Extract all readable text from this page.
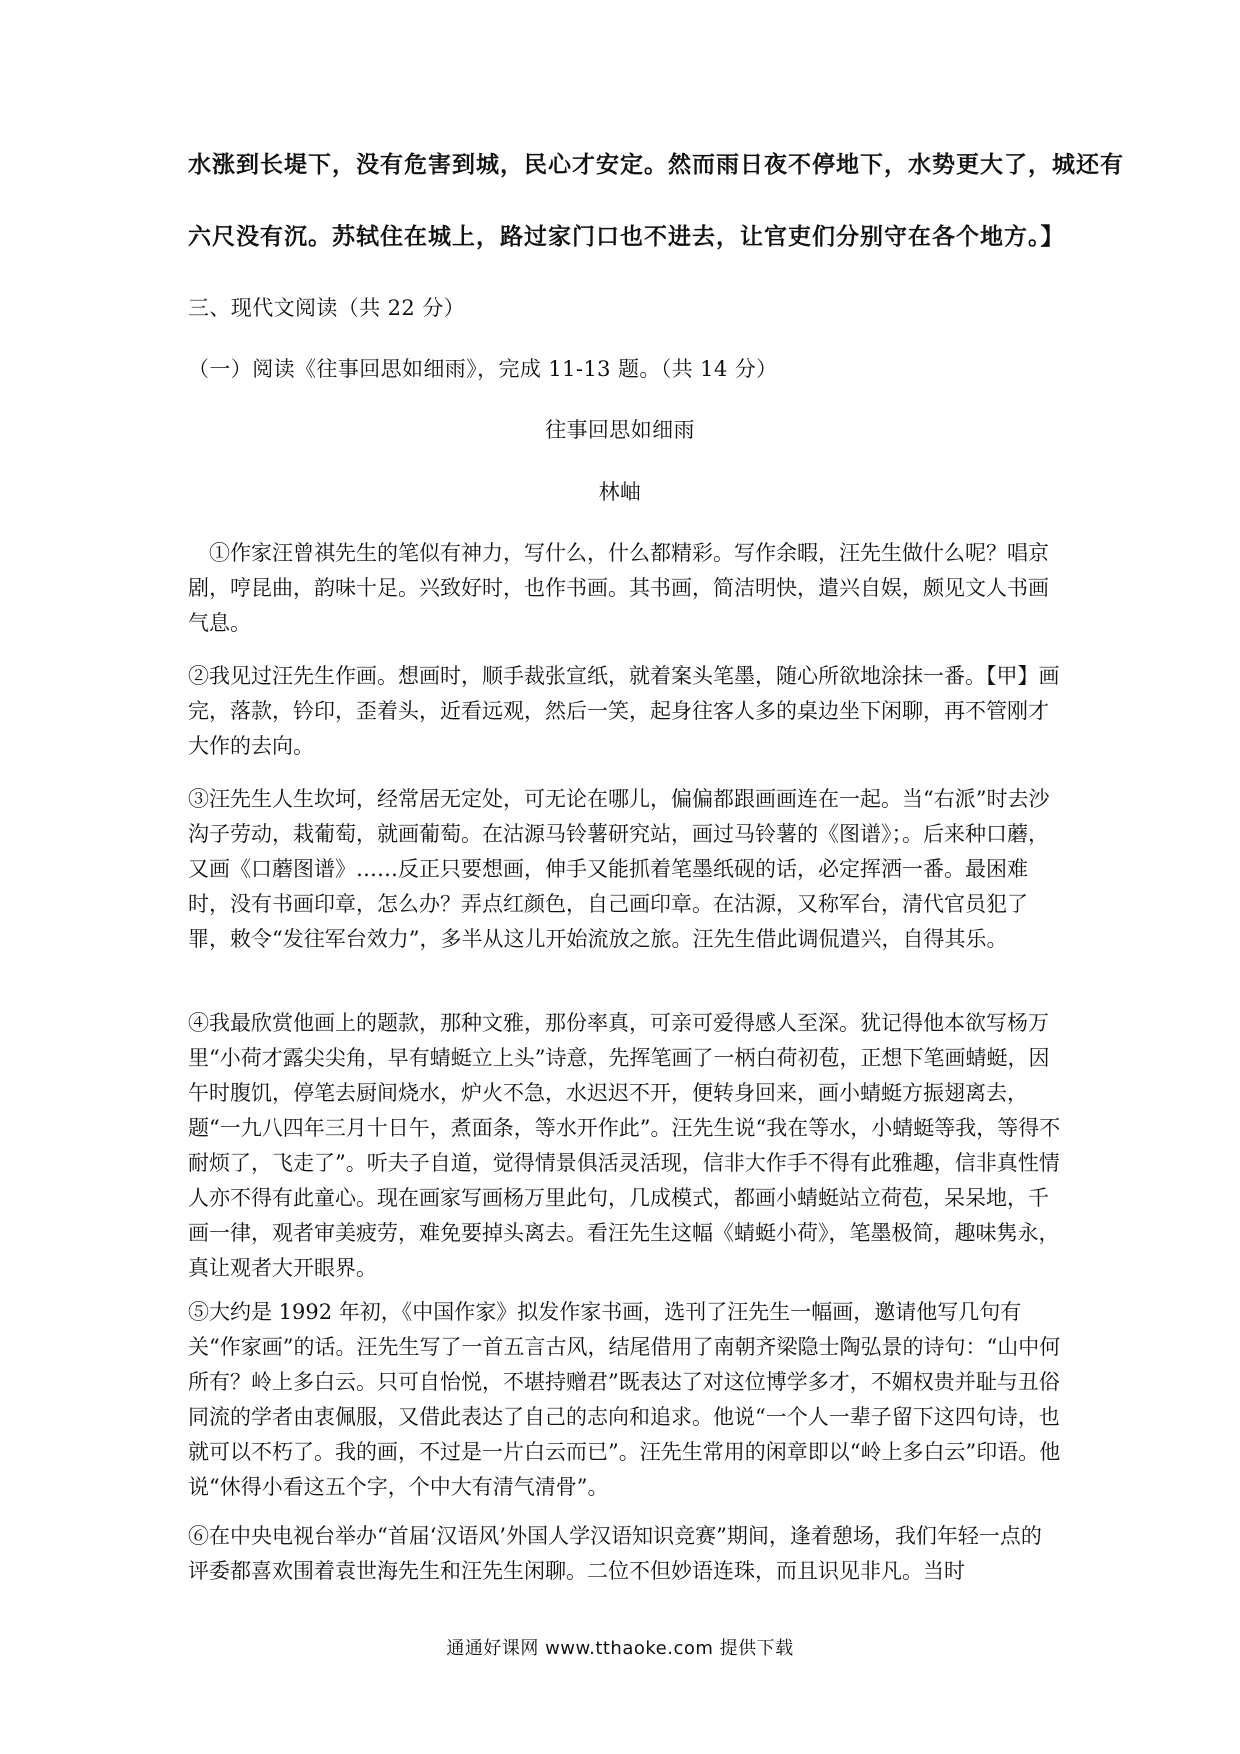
水涨到长堤下，没有危害到城，民心才安定。然而雨日夜不停地下，水势更大了，城还有
六尺没有沉。苏轼住在城上，路过家门口也不进去，让官吏们分别守在各个地方。】
三、现代文阅读（共 22 分）
（一）阅读《往事回思如细雨》，完成 11-13 题。（共 14 分）
往事回思如细雨
林岫

　①作家汪曾祺先生的笔似有神力，写什么，什么都精彩。写作余暇，汪先生做什么呢？唱京剧，哼昆曲，韵味十足。兴致好时，也作书画。其书画，简洁明快，遣兴自娱，颇见文人书画气息。

②我见过汪先生作画。想画时，顺手裁张宣纸，就着案头笔墨，随心所欲地涂抹一番。【甲】画完，落款，钤印，歪着头，近看远观，然后一笑，起身往客人多的桌边坐下闲聊，再不管刚才大作的去向。

③汪先生人生坎坷，经常居无定处，可无论在哪儿，偏偏都跟画画连在一起。当“右派”时去沙沟子劳动，栽葡萄，就画葡萄。在沽源马铃薯研究站，画过马铃薯的《图谱》；。后来种口蘑，又画《口蘑图谱》……反正只要想画，伸手又能抓着笔墨纸砚的话，必定挥洒一番。最困难时，没有书画印章，怎么办？弄点红颜色，自己画印章。在沽源，又称军台，清代官员犯了罪，敕令“发往军台效力”，多半从这儿开始流放之旅。汪先生借此调侃遣兴，自得其乐。

④我最欣赏他画上的题款，那种文雅，那份率真，可亲可爱得感人至深。犹记得他本欲写杨万里“小荷才露尖尖角，早有蜻蜓立上头”诗意，先挥笔画了一柄白荷初苞，正想下笔画蜻蜓，因午时腹饥，停笔去厨间烧水，炉火不急，水迟迟不开，便转身回来，画小蜻蜓方振翅离去，题“一九八四年三月十日午，煮面条，等水开作此”。汪先生说“我在等水，小蜻蜓等我，等得不耐烦了，飞走了”。听夫子自道，觉得情景俱活灵活现，信非大作手不得有此雅趣，信非真性情人亦不得有此童心。现在画家写画杨万里此句，几成模式，都画小蜻蜓站立荷苞，呆呆地，千画一律，观者审美疲劳，难免要掉头离去。看汪先生这幅《蜻蜓小荷》，笔墨极简，趣味隽永，真让观者大开眼界。

⑤大约是 1992 年初，《中国作家》拟发作家书画，选刊了汪先生一幅画，邀请他写几句有关“作家画”的话。汪先生写了一首五言古风，结尾借用了南朝齐梁隐士陶弘景的诗句：“山中何所有？岭上多白云。只可自怡悦，不堪持赠君”既表达了对这位博学多才，不媚权贵并耻与丑俗同流的学者由衷佩服，又借此表达了自己的志向和追求。他说“一个人一辈子留下这四句诗，也就可以不朽了。我的画，不过是一片白云而已”。汪先生常用的闲章即以“岭上多白云”印语。他说“休得小看这五个字，个中大有清气清骨”。

⑥在中央电视台举办“首届‘汉语风’外国人学汉语知识竞赛”期间，逢着憩场，我们年轻一点的评委都喜欢围着袁世海先生和汪先生闲聊。二位不但妙语连珠，而且识见非凡。当时

通通好课网 www.tthaoke.com 提供下载
